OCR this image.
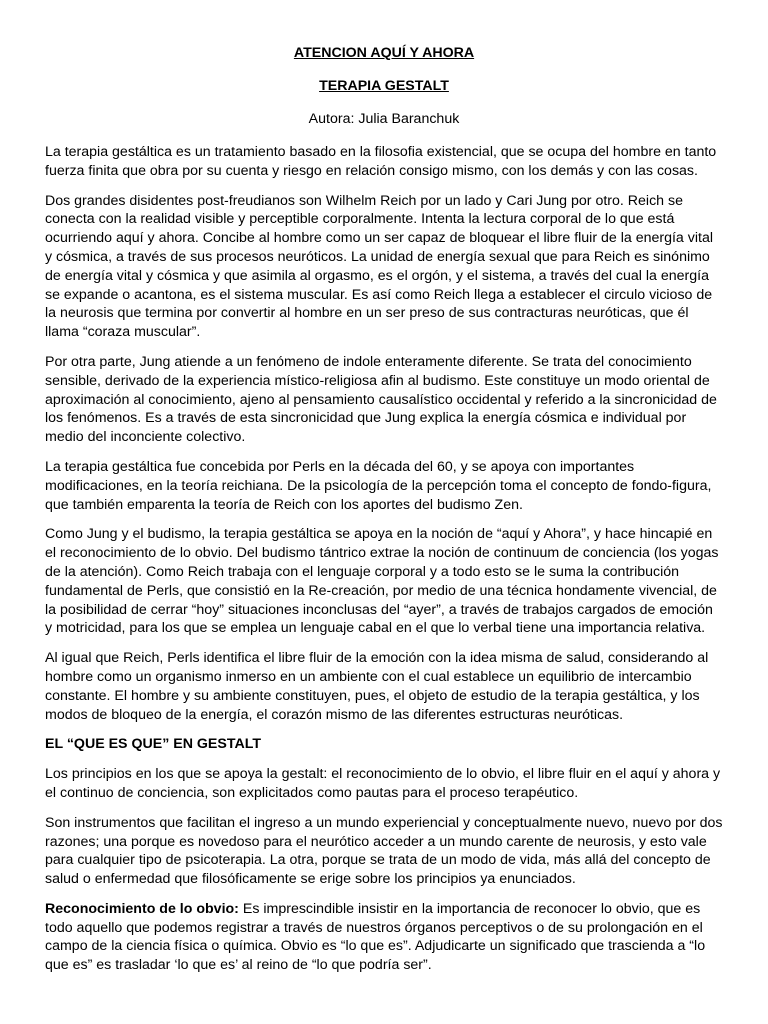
ATENCION AQUÍ Y AHORA
TERAPIA GESTALT
Autora: Julia Baranchuk

La terapia gestáltica es un tratamiento basado en la filosofia existencial, que se ocupa del hombre en tanto fuerza finita que obra por su cuenta y riesgo en relación consigo mismo, con los demás y con las cosas.

Dos grandes disidentes post-freudianos son Wilhelm Reich por un lado y Cari Jung por otro. Reich se conecta con la realidad visible y perceptible corporalmente. Intenta la lectura corporal de lo que está ocurriendo aquí y ahora. Concibe al hombre como un ser capaz de bloquear el libre fluir de la energía vital y cósmica, a través de sus procesos neuróticos. La unidad de energía sexual que para Reich es sinónimo de energía vital y cósmica y que asimila al orgasmo, es el orgón, y el sistema, a través del cual la energía se expande o acantona, es el sistema muscular. Es así como Reich llega a establecer el circulo vicioso de la neurosis que termina por convertir al hombre en un ser preso de sus contracturas neuróticas, que él llama “coraza muscular”.

Por otra parte, Jung atiende a un fenómeno de indole enteramente diferente. Se trata del conocimiento sensible, derivado de la experiencia místico-religiosa afin al budismo. Este constituye un modo oriental de aproximación al conocimiento, ajeno al pensamiento causalístico occidental y referido a la sincronicidad de los fenómenos. Es a través de esta sincronicidad que Jung explica la energía cósmica e individual por medio del inconciente colectivo.

La terapia gestáltica fue concebida por Perls en la década del 60, y se apoya con importantes modificaciones, en la teoría reichiana. De la psicología de la percepción toma el concepto de fondo-figura, que también emparenta la teoría de Reich con los aportes del budismo Zen.

Como Jung y el budismo, la terapia gestáltica se apoya en la noción de “aquí y Ahora”, y hace hincapié en el reconocimiento de lo obvio. Del budismo tántrico extrae la noción de continuum de conciencia (los yogas de la atención). Como Reich trabaja con el lenguaje corporal y a todo esto se le suma la contribución fundamental de Perls, que consistió en la Re-creación, por medio de una técnica hondamente vivencial, de la posibilidad de cerrar “hoy” situaciones inconclusas del “ayer”, a través de trabajos cargados de emoción y motricidad, para los que se emplea un lenguaje cabal en el que lo verbal tiene una importancia relativa.

Al igual que Reich, Perls identifica el libre fluir de la emoción con la idea misma de salud, considerando al hombre como un organismo inmerso en un ambiente con el cual establece un equilibrio de intercambio constante. El hombre y su ambiente constituyen, pues, el objeto de estudio de la terapia gestáltica, y los modos de bloqueo de la energía, el corazón mismo de las diferentes estructuras neuróticas.

EL “QUE ES QUE” EN GESTALT

Los principios en los que se apoya la gestalt: el reconocimiento de lo obvio, el libre fluir en el aquí y ahora y el continuo de conciencia, son explicitados como pautas para el proceso terapéutico.

Son instrumentos que facilitan el ingreso a un mundo experiencial y conceptualmente nuevo, nuevo por dos razones; una porque es novedoso para el neurótico acceder a un mundo carente de neurosis, y esto vale para cualquier tipo de psicoterapia. La otra, porque se trata de un modo de vida, más allá del concepto de salud o enfermedad que filosóficamente se erige sobre los principios ya enunciados.

Reconocimiento de lo obvio: Es imprescindible insistir en la importancia de reconocer lo obvio, que es todo aquello que podemos registrar a través de nuestros órganos perceptivos o de su prolongación en el campo de la ciencia física o química. Obvio es “lo que es”. Adjudicarte un significado que trascienda a “lo que es” es trasladar ‘lo que es’ al reino de “lo que podría ser”.
